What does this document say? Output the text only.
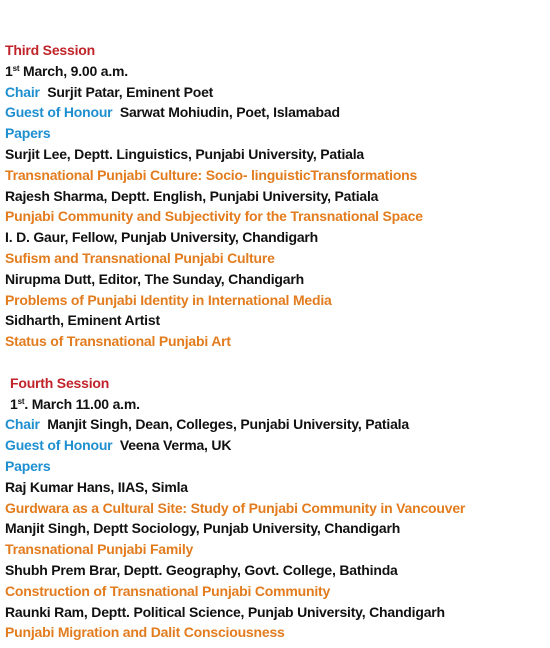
Third Session
1st March, 9.00 a.m.
Chair Surjit Patar, Eminent Poet
Guest of Honour Sarwat Mohiudin, Poet, Islamabad
Papers
Surjit Lee, Deptt. Linguistics, Punjabi University, Patiala
Transnational Punjabi Culture: Socio- linguisticTransformations
Rajesh Sharma, Deptt. English, Punjabi University, Patiala
Punjabi Community and Subjectivity for the Transnational Space
I. D. Gaur, Fellow, Punjab University, Chandigarh
Sufism and Transnational Punjabi Culture
Nirupma Dutt, Editor, The Sunday, Chandigarh
Problems of Punjabi Identity in International Media
Sidharth, Eminent Artist
Status of Transnational Punjabi Art
Fourth Session
1st. March 11.00 a.m.
Chair Manjit Singh, Dean, Colleges, Punjabi University, Patiala
Guest of Honour Veena Verma, UK
Papers
Raj Kumar Hans, IIAS, Simla
Gurdwara as a Cultural Site: Study of Punjabi Community in Vancouver
Manjit Singh, Deptt Sociology, Punjab University, Chandigarh
Transnational Punjabi Family
Shubh Prem Brar, Deptt. Geography, Govt. College, Bathinda
Construction of Transnational Punjabi Community
Raunki Ram, Deptt. Political Science, Punjab University, Chandigarh
Punjabi Migration and Dalit Consciousness
